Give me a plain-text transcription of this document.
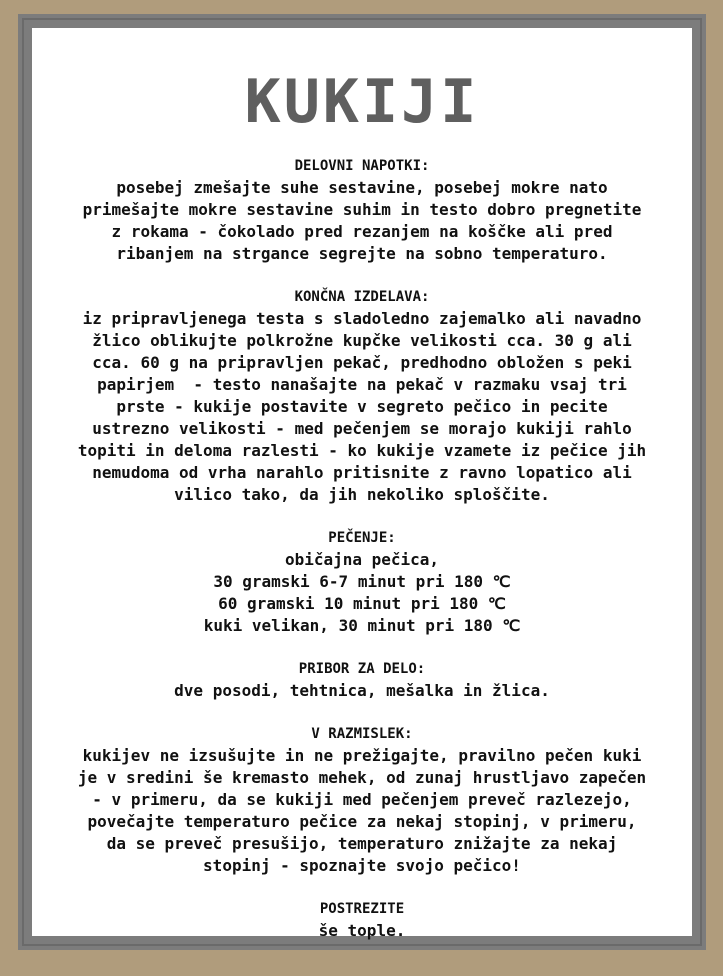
KUKIJI
DELOVNI NAPOTKI:
posebej zmešajte suhe sestavine, posebej mokre nato
primešajte mokre sestavine suhim in testo dobro pregnetite
z rokama - čokolado pred rezanjem na koščke ali pred
ribanjem na strgance segrejte na sobno temperaturo.
KONČNA IZDELAVA:
iz pripravljenega testa s sladoledno zajemalko ali navadno
žlico oblikujte polkrožne kupčke velikosti cca. 30 g ali
cca. 60 g na pripravljen pekač, predhodno obložen s peki
papirjem  - testo nanašajte na pekač v razmaku vsaj tri
prste - kukije postavite v segreto pečico in pecite
ustrezno velikosti - med pečenjem se morajo kukiji rahlo
topiti in deloma razlesti - ko kukije vzamete iz pečice jih
nemudoma od vrha narahlo pritisnite z ravno lopatico ali
vilico tako, da jih nekoliko sploščite.
PEČENJE:
običajna pečica,
30 gramski 6-7 minut pri 180 ℃
60 gramski 10 minut pri 180 ℃
kuki velikan, 30 minut pri 180 ℃
PRIBOR ZA DELO:
dve posodi, tehtnica, mešalka in žlica.
V RAZMISLEK:
kukijev ne izsušujte in ne prežigajte, pravilno pečen kuki
je v sredini še kremasto mehek, od zunaj hrustljavo zapečen
- v primeru, da se kukiji med pečenjem preveč razlezejo,
povečajte temperaturo pečice za nekaj stopinj, v primeru,
da se preveč presušijo, temperaturo znižajte za nekaj
stopinj - spoznajte svojo pečico!
POSTREZITE
še tople.
